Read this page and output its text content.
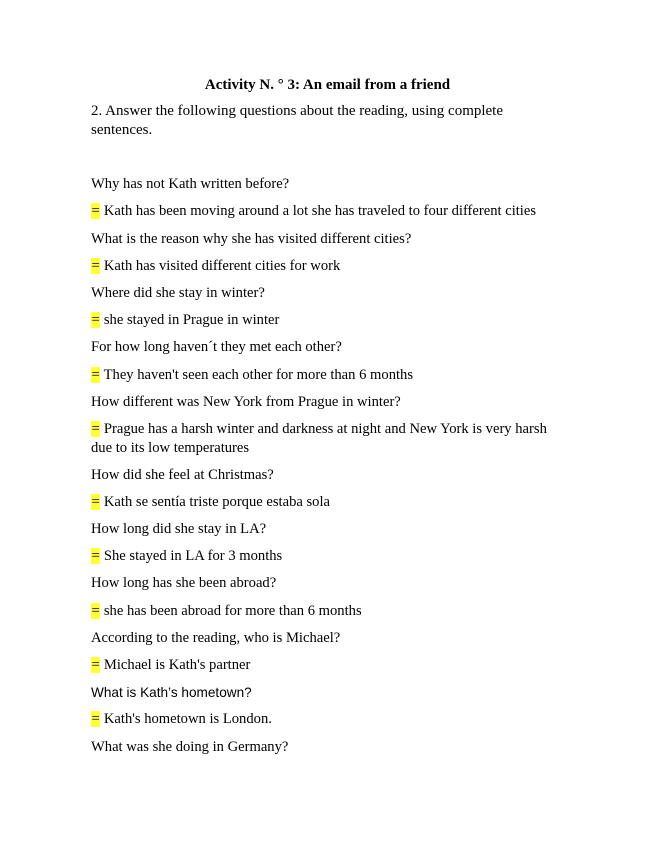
Activity N. ° 3: An email from a friend
2. Answer the following questions about the reading, using complete sentences.
Why has not Kath written before?
= Kath has been moving around a lot she has traveled to four different cities
What is the reason why she has visited different cities?
= Kath has visited different cities for work
Where did she stay in winter?
= she stayed in Prague in winter
For how long haven´t they met each other?
= They haven't seen each other for more than 6 months
How different was New York from Prague in winter?
= Prague has a harsh winter and darkness at night and New York is very harsh due to its low temperatures
How did she feel at Christmas?
= Kath se sentía triste porque estaba sola
How long did she stay in LA?
= She stayed in LA for 3 months
How long has she been abroad?
= she has been abroad for more than 6 months
According to the reading, who is Michael?
= Michael is Kath's partner
What is Kath’s hometown?
= Kath's hometown is London.
What was she doing in Germany?
